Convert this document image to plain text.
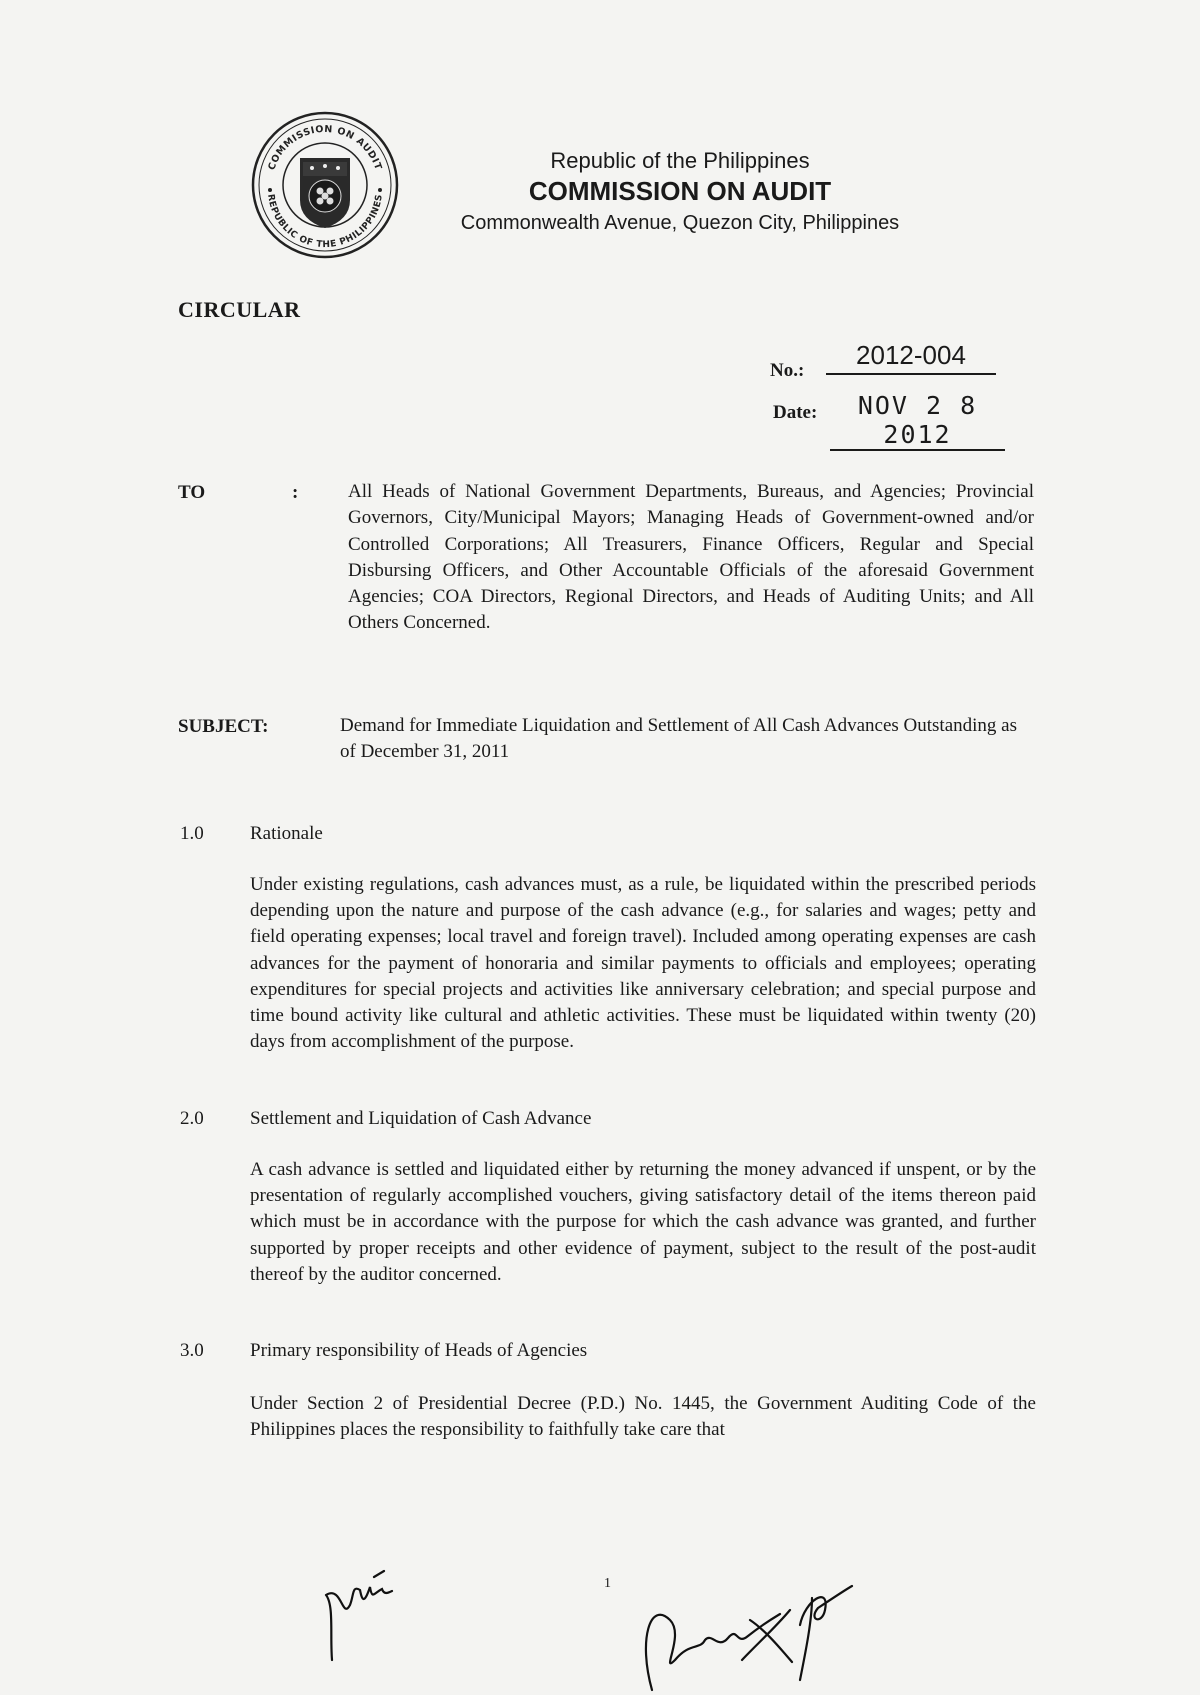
COMMISSION ON AUDIT
REPUBLIC OF THE PHILIPPINES
Republic of the Philippines
COMMISSION ON AUDIT
Commonwealth Avenue, Quezon City, Philippines
CIRCULAR
No.:
2012-004
Date:	NOV 2 8 2012
TO	:	All Heads of National Government Departments, Bureaus, and Agencies; Provincial Governors, City/Municipal Mayors; Managing Heads of Government-owned and/or Controlled Corporations; All Treasurers, Finance Officers, Regular and Special Disbursing Officers, and Other Accountable Officials of the aforesaid Government Agencies; COA Directors, Regional Directors, and Heads of Auditing Units; and All Others Concerned.
SUBJECT:	Demand for Immediate Liquidation and Settlement of All Cash Advances Outstanding as of December 31, 2011
1.0 Rationale
Under existing regulations, cash advances must, as a rule, be liquidated within the prescribed periods depending upon the nature and purpose of the cash advance (e.g., for salaries and wages; petty and field operating expenses; local travel and foreign travel). Included among operating expenses are cash advances for the payment of honoraria and similar payments to officials and employees; operating expenditures for special projects and activities like anniversary celebration; and special purpose and time bound activity like cultural and athletic activities. These must be liquidated within twenty (20) days from accomplishment of the purpose.
2.0 Settlement and Liquidation of Cash Advance
A cash advance is settled and liquidated either by returning the money advanced if unspent, or by the presentation of regularly accomplished vouchers, giving satisfactory detail of the items thereon paid which must be in accordance with the purpose for which the cash advance was granted, and further supported by proper receipts and other evidence of payment, subject to the result of the post-audit thereof by the auditor concerned.
3.0 Primary responsibility of Heads of Agencies
Under Section 2 of Presidential Decree (P.D.) No. 1445, the Government Auditing Code of the Philippines places the responsibility to faithfully take care that
1
